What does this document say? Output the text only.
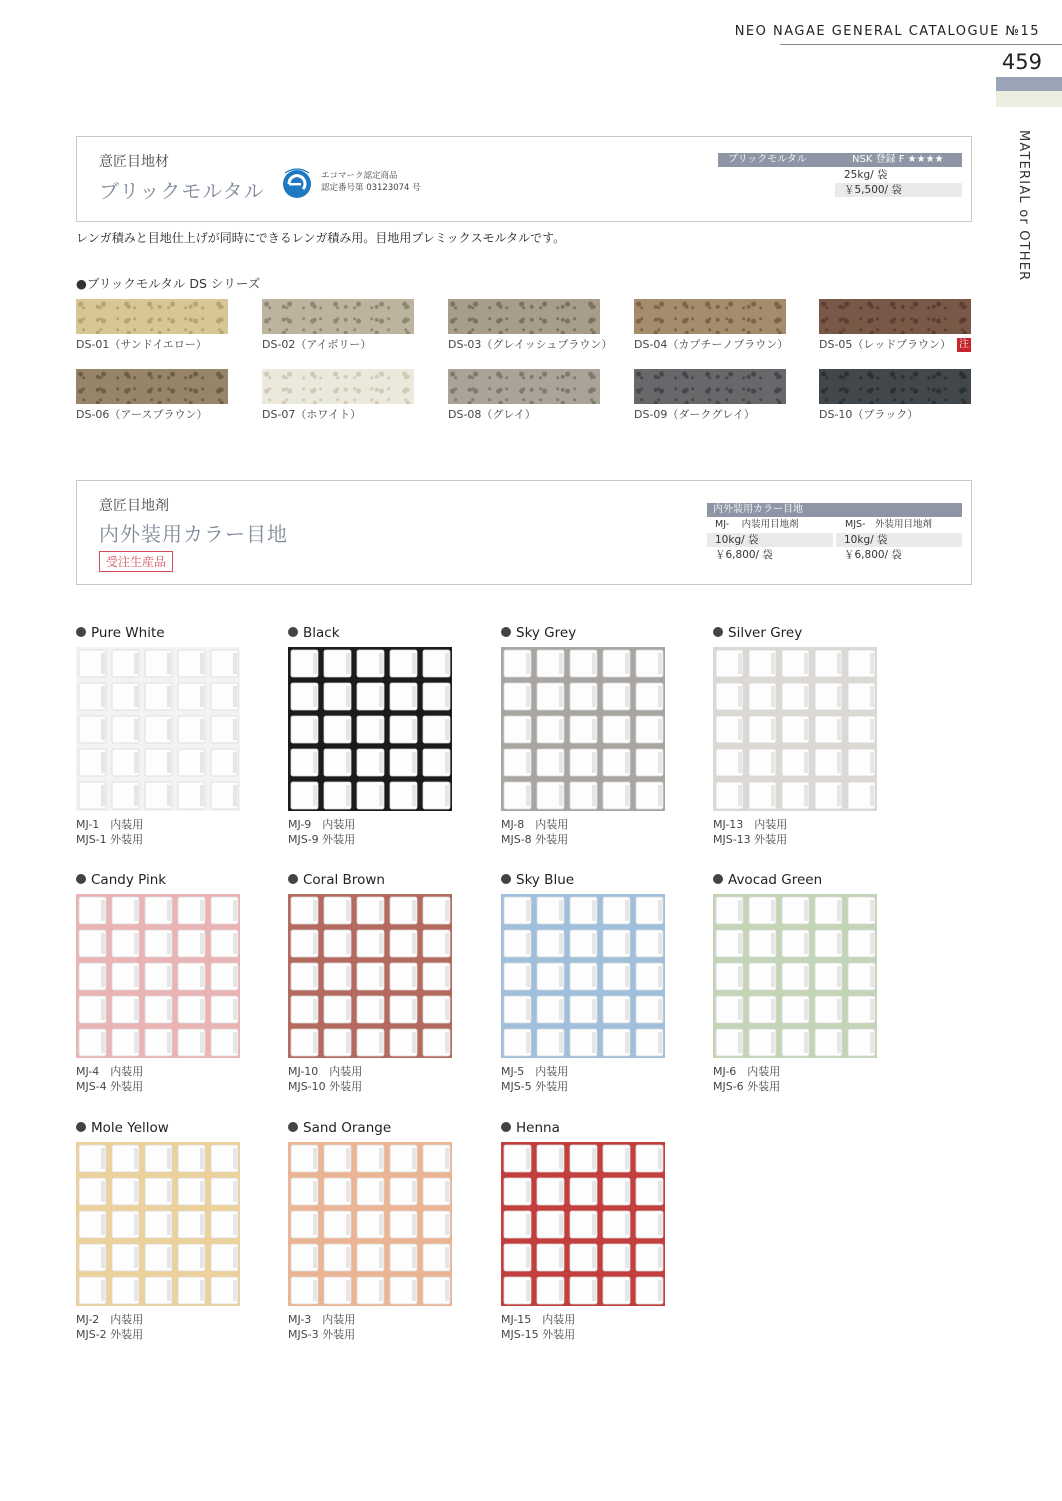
NEO NAGAE GENERAL CATALOGUE №15
459
MATERIAL or OTHER
意匠目地材
ブリックモルタル
エコマーク認定商品
認定番号第 03123074 号
ブリックモルタル	NSK 登録 F ★★★★
25kg/ 袋
￥5,500/ 袋
レンガ積みと目地仕上げが同時にできるレンガ積み用。目地用プレミックスモルタルです。
●ブリックモルタル DS シリーズ
DS-01（サンドイエロー）	DS-02（アイボリー）	DS-03（グレイッシュブラウン） DS-04（カプチーノブラウン）	DS-05（レッドブラウン）
DS-06（アースブラウン）	DS-07（ホワイト）	DS-08（グレイ）	DS-09（ダークグレイ）	DS-10（ブラック）
注
意匠目地剤
内外装用カラー目地
受注生産品
内外装用カラー目地
MJ-　 内装用目地剤	MJS-　外装用目地剤
10kg/ 袋	10kg/ 袋
￥6,800/ 袋	￥6,800/ 袋
Pure White
MJ-1　内装用
MJS-1 外装用
Black
MJ-9　内装用
MJS-9 外装用
Sky Grey
MJ-8　内装用
MJS-8 外装用
Silver Grey
MJ-13　内装用
MJS-13 外装用
Candy Pink
MJ-4　内装用
MJS-4 外装用
Coral Brown
MJ-10　内装用
MJS-10 外装用
Sky Blue
MJ-5　内装用
MJS-5 外装用
Avocad Green
MJ-6　内装用
MJS-6 外装用
Mole Yellow
MJ-2　内装用
MJS-2 外装用
Sand Orange
MJ-3　内装用
MJS-3 外装用
Henna
MJ-15　内装用
MJS-15 外装用
